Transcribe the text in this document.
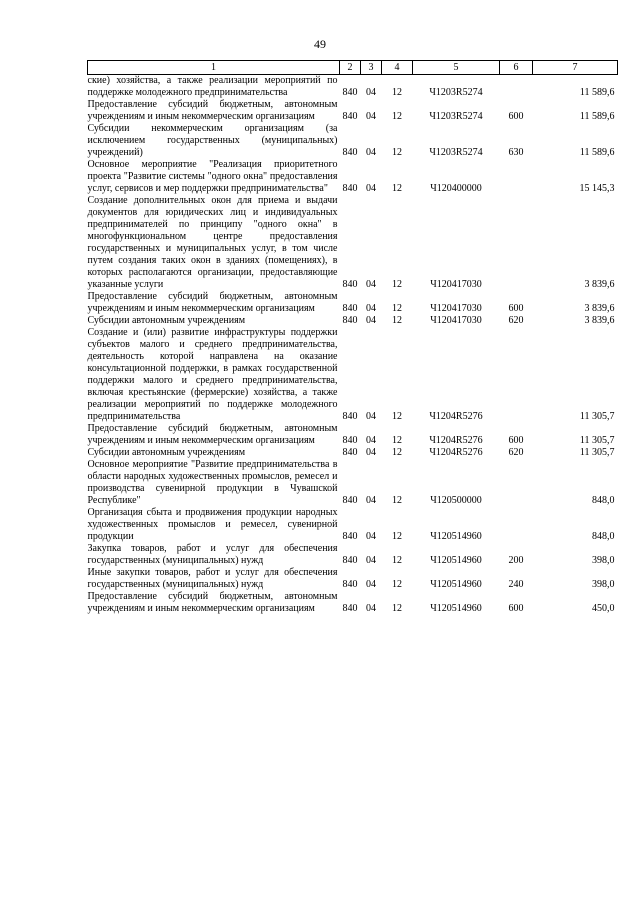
49
1	2	3	4	5	6	7
ские) хозяйства, а также реализации мероприятий по поддержке молодежного предпринимательства	840	04	12	Ч1203R5274		11 589,6
Предоставление субсидий бюджетным, автономным учреждениям и иным некоммерческим организациям	840	04	12	Ч1203R5274	600	11 589,6
Субсидии некоммерческим организациям (за исключением государственных (муниципальных) учреждений)	840	04	12	Ч1203R5274	630	11 589,6
Основное мероприятие "Реализация приоритетного проекта "Развитие системы "одного окна" предоставления услуг, сервисов и мер поддержки предпринимательства"	840	04	12	Ч120400000		15 145,3
Создание дополнительных окон для приема и выдачи документов для юридических лиц и индивидуальных предпринимателей по принципу "одного окна" в многофункциональном центре предоставления государственных и муниципальных услуг, в том числе путем создания таких окон в зданиях (помещениях), в которых располагаются организации, предоставляющие указанные услуги	840	04	12	Ч120417030		3 839,6
Предоставление субсидий бюджетным, автономным учреждениям и иным некоммерческим организациям	840	04	12	Ч120417030	600	3 839,6
Субсидии автономным учреждениям	840	04	12	Ч120417030	620	3 839,6
Создание и (или) развитие инфраструктуры поддержки субъектов малого и среднего предпринимательства, деятельность которой направлена на оказание консультационной поддержки, в рамках государственной поддержки малого и среднего предпринимательства, включая крестьянские (фермерские) хозяйства, а также реализации мероприятий по поддержке молодежного предпринимательства	840	04	12	Ч1204R5276		11 305,7
Предоставление субсидий бюджетным, автономным учреждениям и иным некоммерческим организациям	840	04	12	Ч1204R5276	600	11 305,7
Субсидии автономным учреждениям	840	04	12	Ч1204R5276	620	11 305,7
Основное мероприятие "Развитие предпринимательства в области народных художественных промыслов, ремесел и производства сувенирной продукции в Чувашской Республике"	840	04	12	Ч120500000		848,0
Организация сбыта и продвижения продукции народных художественных промыслов и ремесел, сувенирной продукции	840	04	12	Ч120514960		848,0
Закупка товаров, работ и услуг для обеспечения государственных (муниципальных) нужд	840	04	12	Ч120514960	200	398,0
Иные закупки товаров, работ и услуг для обеспечения государственных (муниципальных) нужд	840	04	12	Ч120514960	240	398,0
Предоставление субсидий бюджетным, автономным учреждениям и иным некоммерческим организациям	840	04	12	Ч120514960	600	450,0
